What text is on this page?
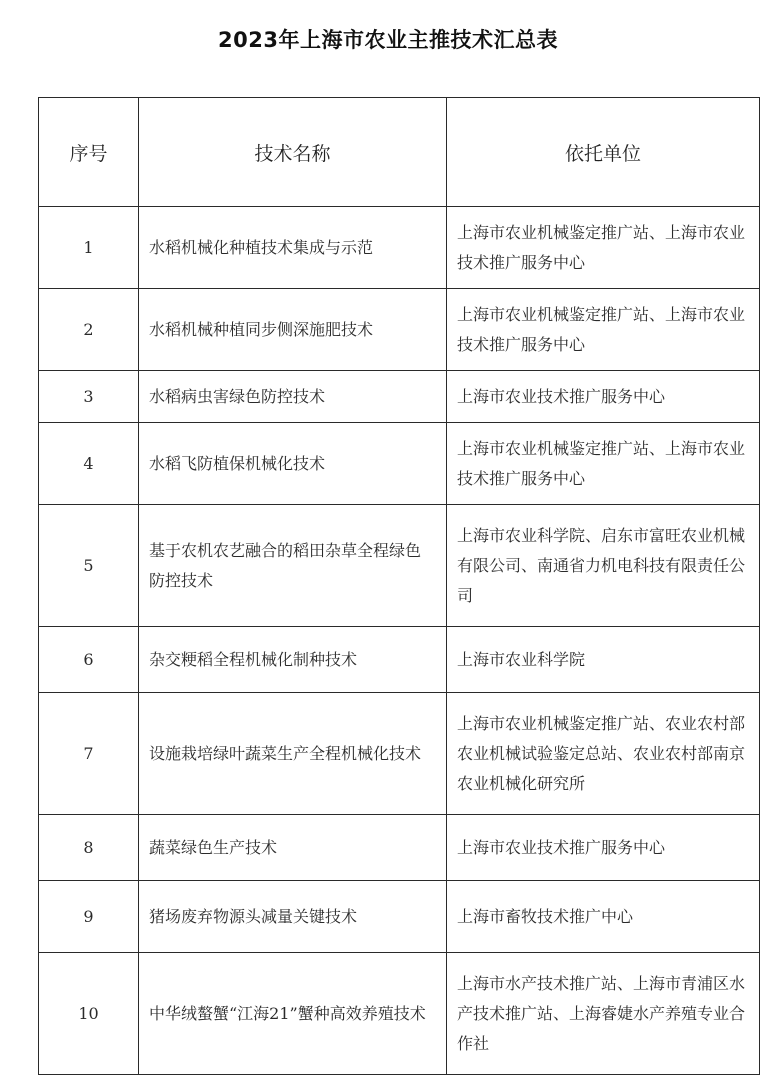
2023年上海市农业主推技术汇总表
序号	技术名称	依托单位
1	水稻机械化种植技术集成与示范	上海市农业机械鉴定推广站、上海市农业技术推广服务中心
2	水稻机械种植同步侧深施肥技术	上海市农业机械鉴定推广站、上海市农业技术推广服务中心
3	水稻病虫害绿色防控技术	上海市农业技术推广服务中心
4	水稻飞防植保机械化技术	上海市农业机械鉴定推广站、上海市农业技术推广服务中心
5	基于农机农艺融合的稻田杂草全程绿色防控技术	上海市农业科学院、启东市富旺农业机械有限公司、南通省力机电科技有限责任公司
6	杂交粳稻全程机械化制种技术	上海市农业科学院
7	设施栽培绿叶蔬菜生产全程机械化技术	上海市农业机械鉴定推广站、农业农村部农业机械试验鉴定总站、农业农村部南京农业机械化研究所
8	蔬菜绿色生产技术	上海市农业技术推广服务中心
9	猪场废弃物源头减量关键技术	上海市畜牧技术推广中心
10	中华绒螯蟹“江海21”蟹种高效养殖技术	上海市水产技术推广站、上海市青浦区水产技术推广站、上海睿婕水产养殖专业合作社
